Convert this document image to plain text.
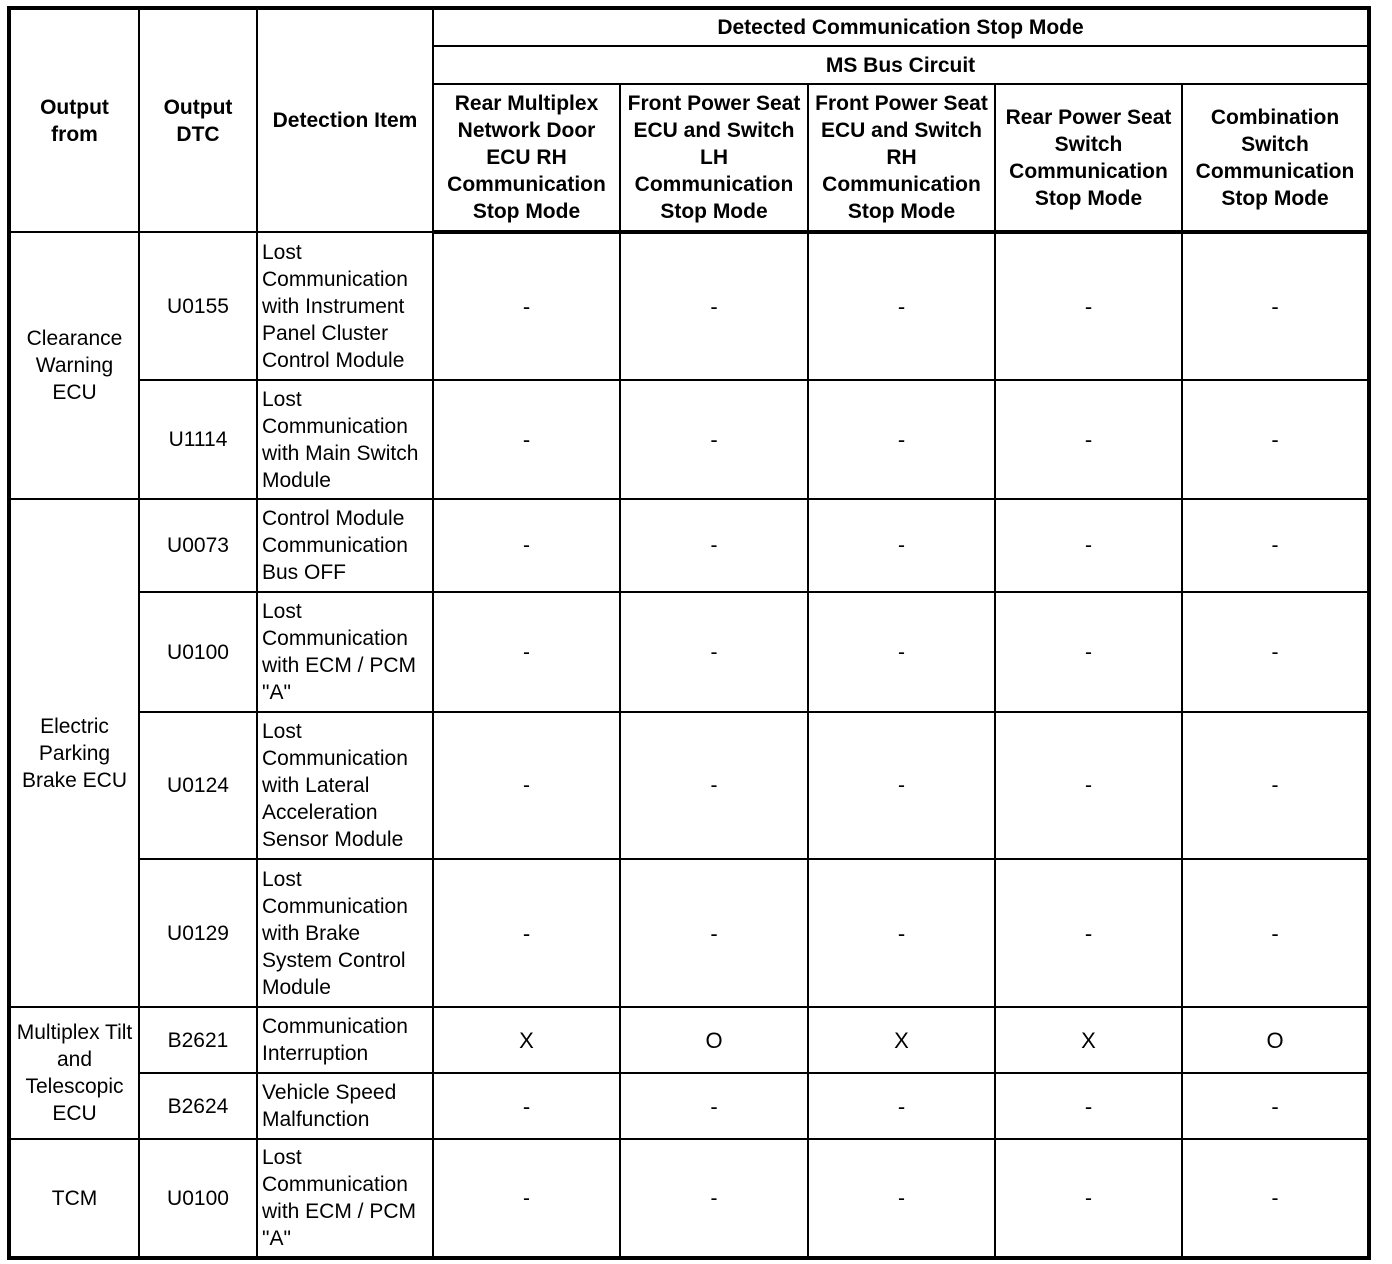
Output from	Output DTC	Detection Item	Detected Communication Stop Mode				
			MS Bus Circuit				
			Rear Multiplex Network Door ECU RH Communication Stop Mode	Front Power Seat ECU and Switch LH Communication Stop Mode	Front Power Seat ECU and Switch RH Communication Stop Mode	Rear Power Seat Switch Communication Stop Mode	Combination Switch Communication Stop Mode
Clearance Warning ECU	U0155	Lost Communication with Instrument Panel Cluster Control Module	-	-	-	-	-
	U1114	Lost Communication with Main Switch Module	-	-	-	-	-
Electric Parking Brake ECU	U0073	Control Module Communication Bus OFF	-	-	-	-	-
	U0100	Lost Communication with ECM / PCM "A"	-	-	-	-	-
	U0124	Lost Communication with Lateral Acceleration Sensor Module	-	-	-	-	-
	U0129	Lost Communication with Brake System Control Module	-	-	-	-	-
Multiplex Tilt and Telescopic ECU	B2621	Communication Interruption	X	O	X	X	O
	B2624	Vehicle Speed Malfunction	-	-	-	-	-
TCM	U0100	Lost Communication with ECM / PCM "A"	-	-	-	-	-
